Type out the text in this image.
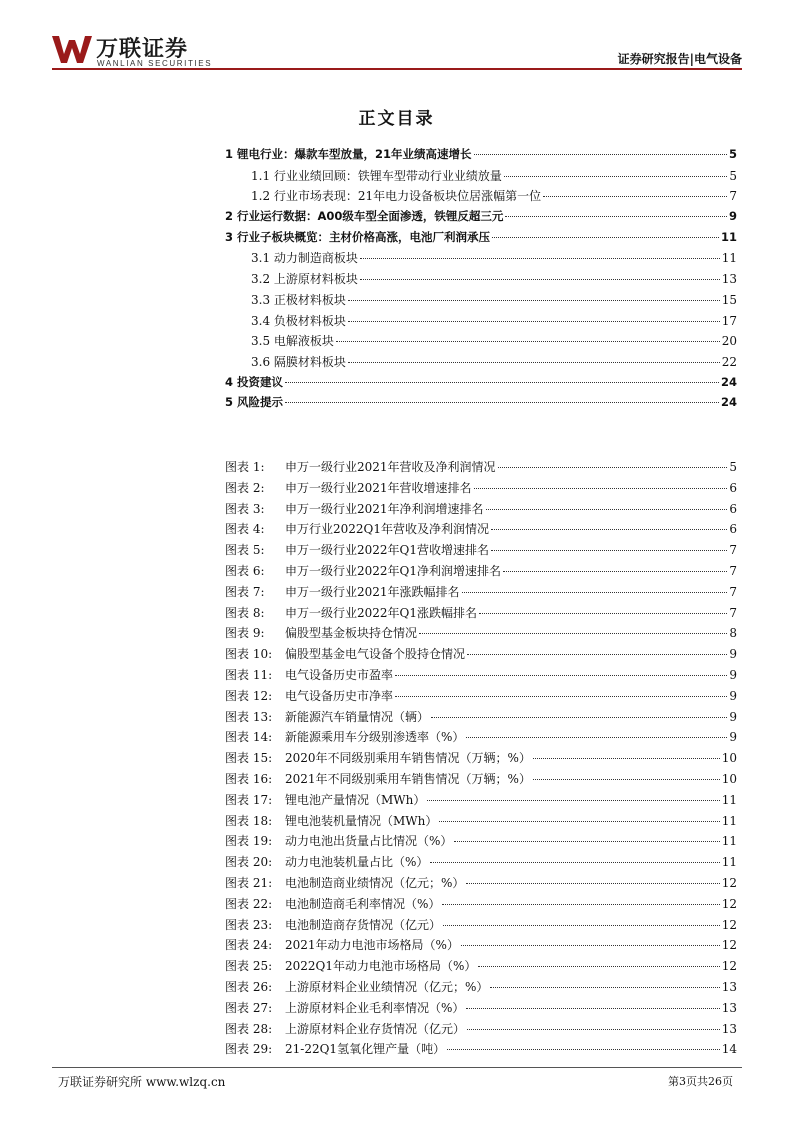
万联证券
WANLIAN SECURITIES	证券研究报告|电气设备
正文目录
1 锂电行业：爆款车型放量，21年业绩高速增长	5
1.1 行业业绩回顾：铁锂车型带动行业业绩放量	5
1.2 行业市场表现：21年电力设备板块位居涨幅第一位	7
2 行业运行数据：A00级车型全面渗透，铁锂反超三元	9
3 行业子板块概览：主材价格高涨，电池厂利润承压	11
3.1 动力制造商板块	11
3.2 上游原材料板块	13
3.3 正极材料板块	15
3.4 负极材料板块	17
3.5 电解液板块	20
3.6 隔膜材料板块	22
4 投资建议	24
5 风险提示	24
图表 1:	申万一级行业2021年营收及净利润情况	5
图表 2:	申万一级行业2021年营收增速排名	6
图表 3:	申万一级行业2021年净利润增速排名	6
图表 4:	申万行业2022Q1年营收及净利润情况	6
图表 5:	申万一级行业2022年Q1营收增速排名	7
图表 6:	申万一级行业2022年Q1净利润增速排名	7
图表 7:	申万一级行业2021年涨跌幅排名	7
图表 8:	申万一级行业2022年Q1涨跌幅排名	7
图表 9:	偏股型基金板块持仓情况	8
图表 10:	偏股型基金电气设备个股持仓情况	9
图表 11:	电气设备历史市盈率	9
图表 12:	电气设备历史市净率	9
图表 13:	新能源汽车销量情况（辆）	9
图表 14:	新能源乘用车分级别渗透率（%）	9
图表 15:	2020年不同级别乘用车销售情况（万辆；%）	10
图表 16:	2021年不同级别乘用车销售情况（万辆；%）	10
图表 17:	锂电池产量情况（MWh）	11
图表 18:	锂电池装机量情况（MWh）	11
图表 19:	动力电池出货量占比情况（%）	11
图表 20:	动力电池装机量占比（%）	11
图表 21:	电池制造商业绩情况（亿元；%）	12
图表 22:	电池制造商毛利率情况（%）	12
图表 23:	电池制造商存货情况（亿元）	12
图表 24:	2021年动力电池市场格局（%）	12
图表 25:	2022Q1年动力电池市场格局（%）	12
图表 26:	上游原材料企业业绩情况（亿元；%）	13
图表 27:	上游原材料企业毛利率情况（%）	13
图表 28:	上游原材料企业存货情况（亿元）	13
图表 29:	21-22Q1氢氧化锂产量（吨）	14
万联证券研究所 www.wlzq.cn	第3页共26页
